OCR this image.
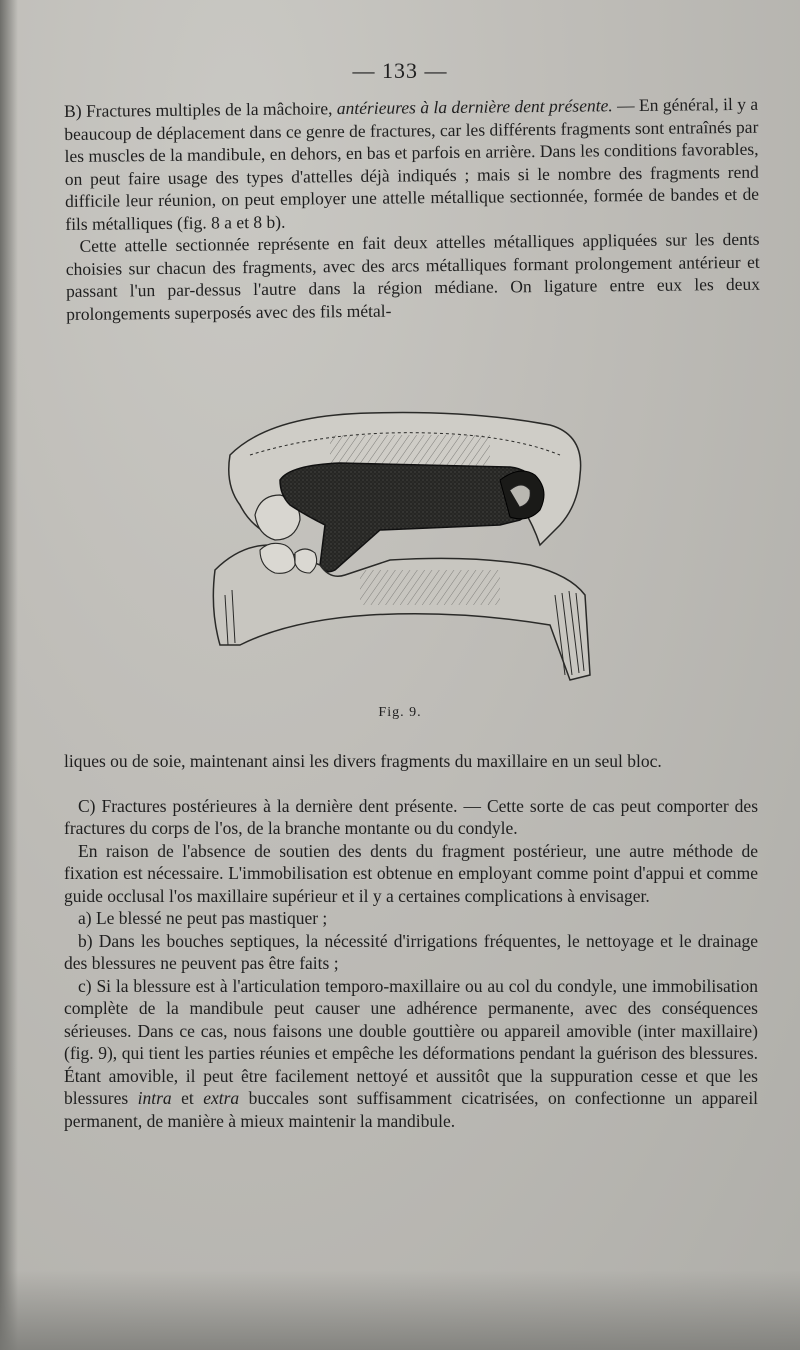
— 133 —

B) Fractures multiples de la mâchoire, antérieures à la dernière dent présente. — En général, il y a beaucoup de déplacement dans ce genre de fractures, car les différents fragments sont entraînés par les muscles de la mandibule, en dehors, en bas et parfois en arrière. Dans les conditions favorables, on peut faire usage des types d'attelles déjà indiqués ; mais si le nombre des fragments rend difficile leur réunion, on peut employer une attelle métallique sectionnée, formée de bandes et de fils métalliques (fig. 8 a et 8 b).

Cette attelle sectionnée représente en fait deux attelles métalliques appliquées sur les dents choisies sur chacun des fragments, avec des arcs métalliques formant prolongement antérieur et passant l'un par-dessus l'autre dans la région médiane. On ligature entre eux les deux prolongements superposés avec des fils métal-

Fig. 9.

liques ou de soie, maintenant ainsi les divers fragments du maxillaire en un seul bloc.

C) Fractures postérieures à la dernière dent présente. — Cette sorte de cas peut comporter des fractures du corps de l'os, de la branche montante ou du condyle.

En raison de l'absence de soutien des dents du fragment postérieur, une autre méthode de fixation est nécessaire. L'immobilisation est obtenue en employant comme point d'appui et comme guide occlusal l'os maxillaire supérieur et il y a certaines complications à envisager.

a) Le blessé ne peut pas mastiquer ;

b) Dans les bouches septiques, la nécessité d'irrigations fréquentes, le nettoyage et le drainage des blessures ne peuvent pas être faits ;

c) Si la blessure est à l'articulation temporo-maxillaire ou au col du condyle, une immobilisation complète de la mandibule peut causer une adhérence permanente, avec des conséquences sérieuses. Dans ce cas, nous faisons une double gouttière ou appareil amovible (inter maxillaire) (fig. 9), qui tient les parties réunies et empêche les déformations pendant la guérison des blessures. Étant amovible, il peut être facilement nettoyé et aussitôt que la suppuration cesse et que les blessures intra et extra buccales sont suffisamment cicatrisées, on confectionne un appareil permanent, de manière à mieux maintenir la mandibule.
